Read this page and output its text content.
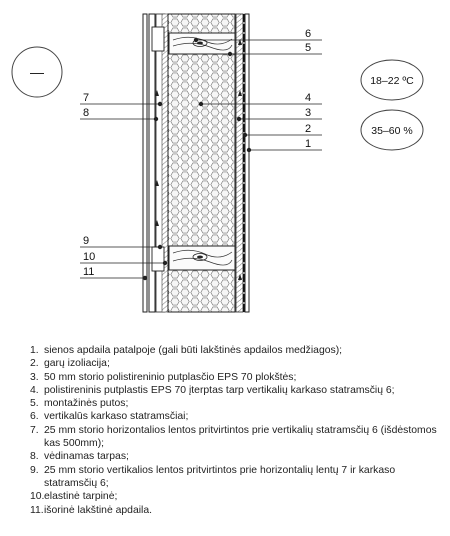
—
6
5
4
3
2
1
7
8
9
10
11
18–22 ºC
35–60 %
1. sienos apdaila patalpoje (gali būti lakštinės apdailos medžiagos);
2. garų izoliacija;
3. 50 mm storio polistireninio putplasčio EPS 70 plokštės;
4. polistireninis putplastis EPS 70 įterptas tarp vertikalių karkaso statramsčių 6;
5. montažinės putos;
6. vertikalūs karkaso statramsčiai;
7. 25 mm storio horizontalios lentos pritvirtintos prie vertikalių statramsčių 6 (išdėstomos kas 500mm);
8. vėdinamas tarpas;
9. 25 mm storio vertikalios lentos pritvirtintos prie horizontalių lentų 7 ir karkaso statramsčių 6;
10. elastinė tarpinė;
11. išorinė lakštinė apdaila.
